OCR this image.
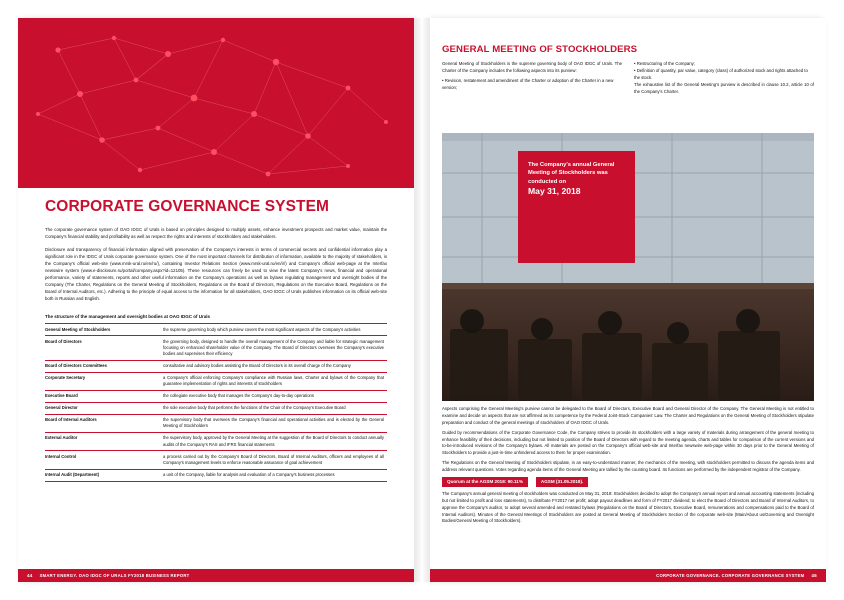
CORPORATE GOVERNANCE SYSTEM

The corporate governance system of OAO IDGC of Urals is based on principles designed to multiply assets, enhance investment prospects and market value, maintain the Company's financial stability and profitability as well as respect the rights and interests of stockholders and stakeholders.

Disclosure and transparency of financial information aligned with preservation of the Company's interests in terms of commercial secrets and confidential information play a significant role in the IDGC of Urals corporate governance system. One of the most important channels for distribution of information, available to the majority of stakeholders, is the Company's official web-site (www.mrsk-ural.ru/en/ru/), containing Investor Relations Section (www.mrsk-ural.ru/en/ir/) and Company's official web-page at the Interfax newswire system (www.e-disclosure.ru/portal/company.aspx?id=12105). These resources can freely be used to view the latest Company's news, financial and operational performance, variety of statements, reports and other useful information on the Company's operations as well as bylaws regulating management and oversight bodies of the Company (The Charter, Regulations on the General Meeting of Stockholders, Regulations on the Board of Directors, Regulations on the Executive Board, Regulations on the Board of Internal Auditors, etc.). Adhering to the principle of equal access to the information for all stakeholders, OAO IDGC of Urals publishes information on its official web-site both in Russian and English.

The structure of the management and oversight bodies at OAO IDGC of Urals
General Meeting of Stockholders	the supreme governing body which purview covers the most significant aspects of the Company's activities
Board of Directors	the governing body, designed to handle the overall management of the Company and liable for strategic management focusing on enhanced shareholder value of the Company. The Board of Directors oversees the Company's executive bodies and supervises their efficiency
Board of Directors Committees	consultative and advisory bodies assisting the Board of Directors in its overall charge of the Company
Corporate Secretary	a Company's official enforcing Company's compliance with Russian laws, Charter and bylaws of the Company that guarantee implementation of rights and interests of stockholders
Executive Board	the collegiate executive body that manages the Company's day-to-day operations
General Director	the sole executive body that performs the functions of the Chair of the Company's Executive Board
Board of Internal Auditors	the supervisory body that oversees the Company's financial and operational activities and is elected by the General Meeting of Stockholders
External Auditor	the supervisory body, approved by the General Meeting at the suggestion of the Board of Directors to conduct annually audits of the Company's RAS and IFRS financial statements
Internal Control	a process carried out by the Company's Board of Directors, Board of Internal Auditors, officers and employees of all Company's management levels to enforce reasonable assurance of goal achievement
Internal Audit (Department)	a unit of the Company, liable for analysis and evaluation of a Company's business processes
GENERAL MEETING OF STOCKHOLDERS

General Meeting of Stockholders is the supreme governing body of OAO IDGC of Urals. The Charter of the Company includes the following aspects into its purview:

• Revision, restatement and amendment of the Charter or adoption of the Charter in a new version;

• Restructuring of the Company;

• Definition of quantity, par value, category (class) of authorized stock and rights attached to the stock.

The exhaustive list of the General Meeting's purview is described in clause 10.2, article 10 of the Company's Charter.

The Company's annual General Meeting of Stockholders was conducted on
May 31, 2018

Aspects comprising the General Meeting's purview cannot be delegated to the Board of Directors, Executive Board and General Director of the Company. The General Meeting is not entitled to examine and decide on aspects that are not affirmed as its competence by the Federal Joint-Stock Companies' Law. The Charter and Regulations on the General Meeting of Stockholders stipulate preparation and conduct of the general meetings of stockholders of OAO IDGC of Urals.

Guided by recommendations of the Corporate Governance Code, the Company strives to provide its stockholders with a large variety of materials during arrangement of the general meeting to enhance feasibility of their decisions, including but not limited to position of the Board of Directors with regard to the meeting agenda, charts and tables for comparison of the current versions and to-be-introduced revisions of the Company's bylaws. All materials are posted on the Company's official web-site and Interfax newswire web-page within 30 days prior to the General Meeting of Stockholders to provide a just-in-time unhindered access to them for proper examination.

The Regulations on the General Meeting of Stockholders stipulate, in an easy-to-understand manner, the mechanics of the meeting, with stockholders permitted to discuss the agenda items and address relevant questions. Votes regarding agenda items of the General Meeting are tallied by the counting board. Its functions are performed by the independent registrar of the Company.

Quorum at the AGSM 2018: 90.11%	AGSM (31.05.2018).

The Company's annual general meeting of stockholders was conducted on May 31, 2018: Stockholders decided to adopt the Company's annual report and annual accounting statements (including but not limited to profit and loss statements), to distribute FY2017 net profit; adopt payout deadlines and form of FY2017 dividend; to elect the Board of Directors and Board of Internal Auditors, to approve the Company's auditor, to adopt several amended and restated bylaws (Regulations on the Board of Directors, Executive Board, remunerations and compensations paid to the Board of Internal Auditors). Minutes of the General Meetings of Stockholders are posted at General Meeting of Stockholders Section of the corporate web-site (Main/About us/Governing and Oversight Bodies/General Meeting of Stockholders).

44 SMART ENERGY. OAO IDGC OF URALS FY2018 BUSINESS REPORT	CORPORATE GOVERNANCE. CORPORATE GOVERNANCE SYSTEM 45
